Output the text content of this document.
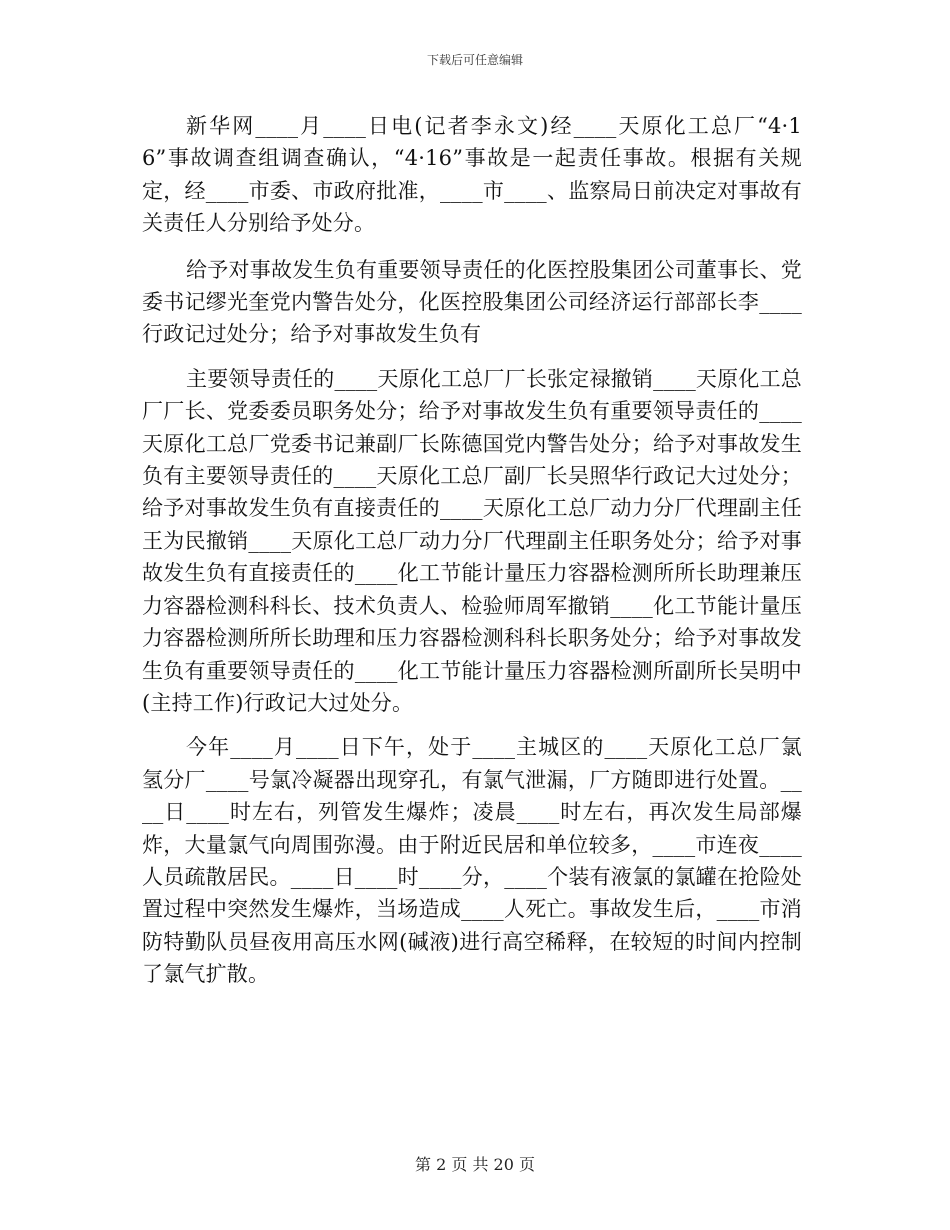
下载后可任意编辑

新华网____月____日电(记者李永文)经____天原化工总厂“4·16”事故调查组调查确认，“4·16”事故是一起责任事故。根据有关规定，经____市委、市政府批准，____市____、监察局日前决定对事故有关责任人分别给予处分。

给予对事故发生负有重要领导责任的化医控股集团公司董事长、党委书记缪光奎党内警告处分，化医控股集团公司经济运行部部长李____行政记过处分；给予对事故发生负有

主要领导责任的____天原化工总厂厂长张定禄撤销____天原化工总厂厂长、党委委员职务处分；给予对事故发生负有重要领导责任的____天原化工总厂党委书记兼副厂长陈德国党内警告处分；给予对事故发生负有主要领导责任的____天原化工总厂副厂长吴照华行政记大过处分；给予对事故发生负有直接责任的____天原化工总厂动力分厂代理副主任王为民撤销____天原化工总厂动力分厂代理副主任职务处分；给予对事故发生负有直接责任的____化工节能计量压力容器检测所所长助理兼压力容器检测科科长、技术负责人、检验师周军撤销____化工节能计量压力容器检测所所长助理和压力容器检测科科长职务处分；给予对事故发生负有重要领导责任的____化工节能计量压力容器检测所副所长吴明中(主持工作)行政记大过处分。

今年____月____日下午，处于____主城区的____天原化工总厂氯氢分厂____号氯冷凝器出现穿孔，有氯气泄漏，厂方随即进行处置。____日____时左右，列管发生爆炸；凌晨____时左右，再次发生局部爆炸，大量氯气向周围弥漫。由于附近民居和单位较多，____市连夜____人员疏散居民。____日____时____分，____个装有液氯的氯罐在抢险处置过程中突然发生爆炸，当场造成____人死亡。事故发生后，____市消防特勤队员昼夜用高压水网(碱液)进行高空稀释，在较短的时间内控制了氯气扩散。

第 2 页 共 20 页
